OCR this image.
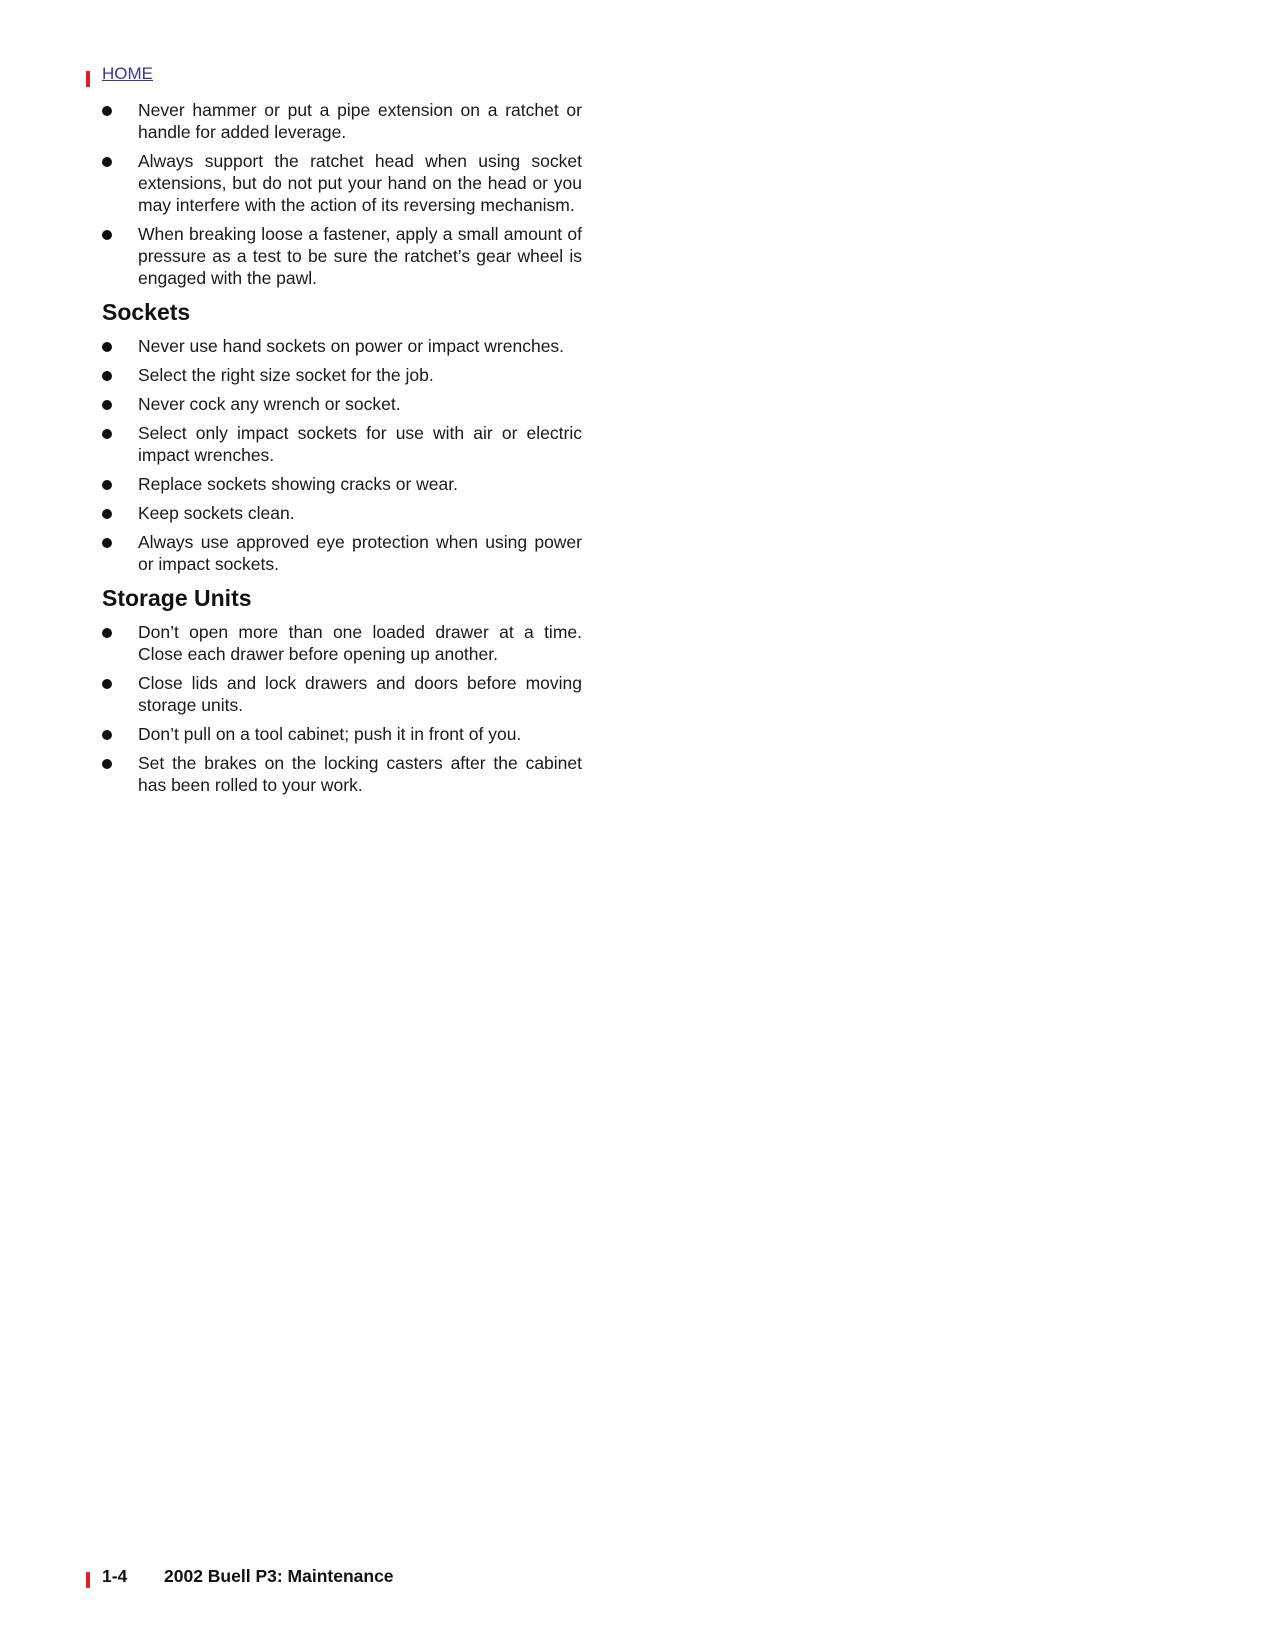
HOME
Never hammer or put a pipe extension on a ratchet or handle for added leverage.
Always support the ratchet head when using socket extensions, but do not put your hand on the head or you may interfere with the action of its reversing mechanism.
When breaking loose a fastener, apply a small amount of pressure as a test to be sure the ratchet’s gear wheel is engaged with the pawl.
Sockets
Never use hand sockets on power or impact wrenches.
Select the right size socket for the job.
Never cock any wrench or socket.
Select only impact sockets for use with air or electric impact wrenches.
Replace sockets showing cracks or wear.
Keep sockets clean.
Always use approved eye protection when using power or impact sockets.
Storage Units
Don’t open more than one loaded drawer at a time. Close each drawer before opening up another.
Close lids and lock drawers and doors before moving storage units.
Don’t pull on a tool cabinet; push it in front of you.
Set the brakes on the locking casters after the cabinet has been rolled to your work.
1-4 2002 Buell P3: Maintenance
